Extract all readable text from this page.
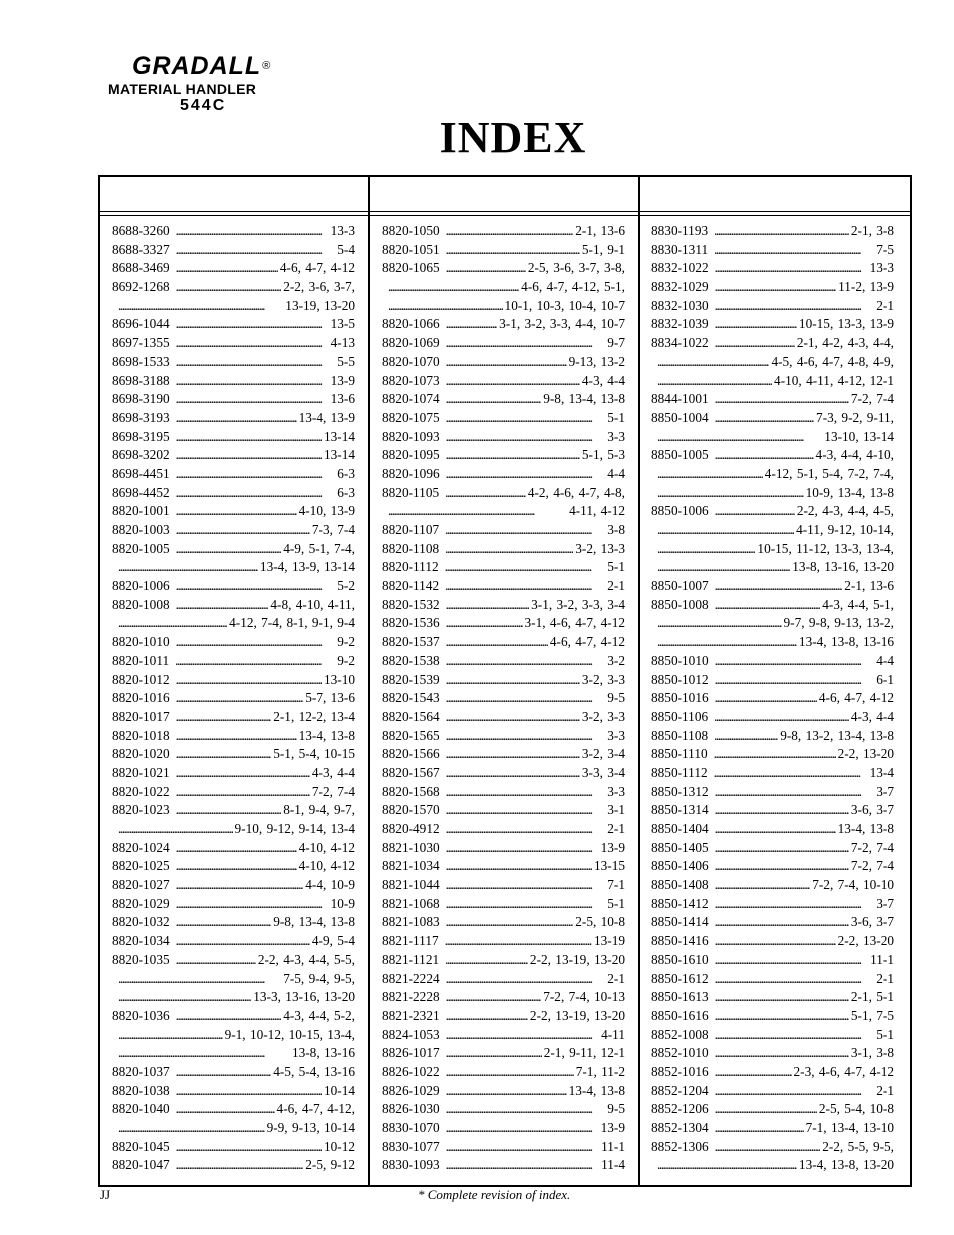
GRADALL®
MATERIAL HANDLER
544C
INDEX
8688-3260 . . .	13-3
8688-3327 . . .	5-4
8688-3469 . . .	4-6, 4-7, 4-12
8692-1268 . . .	2-2, 3-6, 3-7,
. . .
13-19, 13-20
8696-1044 . . .	13-5
8697-1355 . . .	4-13
8698-1533 . . .	5-5
8698-3188 . . .	13-9
8698-3190 . . .	13-6
8698-3193 . . .	13-4, 13-9
8698-3195 . . .	13-14
8698-3202 . . .	13-14
8698-4451 . . .	6-3
8698-4452 . . .	6-3
8820-1001 . . .	4-10, 13-9
8820-1003 . . .	7-3, 7-4
8820-1005 . . .	4-9, 5-1, 7-4,
. . .
13-4, 13-9, 13-14
8820-1006 . . .	5-2
8820-1008 . . .	4-8, 4-10, 4-11,
. . .
4-12, 7-4, 8-1, 9-1, 9-4
8820-1010 . . .	9-2
8820-1011 . . .	9-2
8820-1012 . . .	13-10
8820-1016 . . .	5-7, 13-6
8820-1017 . . .	2-1, 12-2, 13-4
8820-1018 . . .	13-4, 13-8
8820-1020 . . .	5-1, 5-4, 10-15
8820-1021 . . .	4-3, 4-4
8820-1022 . . .	7-2, 7-4
8820-1023 . . .	8-1, 9-4, 9-7,
. . .
9-10, 9-12, 9-14, 13-4
8820-1024 . . .	4-10, 4-12
8820-1025 . . .	4-10, 4-12
8820-1027 . . .	4-4, 10-9
8820-1029 . . .	10-9
8820-1032 . . .	9-8, 13-4, 13-8
8820-1034 . . .	4-9, 5-4
8820-1035 . . .	2-2, 4-3, 4-4, 5-5,
. . .
7-5, 9-4, 9-5,
. . .
13-3, 13-16, 13-20
8820-1036 . . .	4-3, 4-4, 5-2,
. . .
9-1, 10-12, 10-15, 13-4,
. . .
13-8, 13-16
8820-1037 . . .	4-5, 5-4, 13-16
8820-1038 . . .	10-14
8820-1040 . . .	4-6, 4-7, 4-12,
. . .
9-9, 9-13, 10-14
8820-1045 . . .	10-12
8820-1047 . . .	2-5, 9-12
8820-1050 . . .	2-1, 13-6
8820-1051 . . .	5-1, 9-1
8820-1065 . . .	2-5, 3-6, 3-7, 3-8,
. . .
4-6, 4-7, 4-12, 5-1,
. . .
10-1, 10-3, 10-4, 10-7
8820-1066 . . .	3-1, 3-2, 3-3, 4-4, 10-7
8820-1069 . . .	9-7
8820-1070 . . .	9-13, 13-2
8820-1073 . . .	4-3, 4-4
8820-1074 . . .	9-8, 13-4, 13-8
8820-1075 . . .	5-1
8820-1093 . . .	3-3
8820-1095 . . .	5-1, 5-3
8820-1096 . . .	4-4
8820-1105 . . .	4-2, 4-6, 4-7, 4-8,
. . .
4-11, 4-12
8820-1107 . . .	3-8
8820-1108 . . .	3-2, 13-3
8820-1112 . . .	5-1
8820-1142 . . .	2-1
8820-1532 . . .	3-1, 3-2, 3-3, 3-4
8820-1536 . . .	3-1, 4-6, 4-7, 4-12
8820-1537 . . .	4-6, 4-7, 4-12
8820-1538 . . .	3-2
8820-1539 . . .	3-2, 3-3
8820-1543 . . .	9-5
8820-1564 . . .	3-2, 3-3
8820-1565 . . .	3-3
8820-1566 . . .	3-2, 3-4
8820-1567 . . .	3-3, 3-4
8820-1568 . . .	3-3
8820-1570 . . .	3-1
8820-4912 . . .	2-1
8821-1030 . . .	13-9
8821-1034 . . .	13-15
8821-1044 . . .	7-1
8821-1068 . . .	5-1
8821-1083 . . .	2-5, 10-8
8821-1117 . . .	13-19
8821-1121 . . .	2-2, 13-19, 13-20
8821-2224 . . .	2-1
8821-2228 . . .	7-2, 7-4, 10-13
8821-2321 . . .	2-2, 13-19, 13-20
8824-1053 . . .	4-11
8826-1017 . . .	2-1, 9-11, 12-1
8826-1022 . . .	7-1, 11-2
8826-1029 . . .	13-4, 13-8
8826-1030 . . .	9-5
8830-1070 . . .	13-9
8830-1077 . . .	11-1
8830-1093 . . .	11-4
8830-1193 . . .	2-1, 3-8
8830-1311 . . .	7-5
8832-1022 . . .	13-3
8832-1029 . . .	11-2, 13-9
8832-1030 . . .	2-1
8832-1039 . . .	10-15, 13-3, 13-9
8834-1022 . . .	2-1, 4-2, 4-3, 4-4,
. . .
4-5, 4-6, 4-7, 4-8, 4-9,
. . .
4-10, 4-11, 4-12, 12-1
8844-1001 . . .	7-2, 7-4
8850-1004 . . .	7-3, 9-2, 9-11,
. . .
13-10, 13-14
8850-1005 . . .	4-3, 4-4, 4-10,
. . .
4-12, 5-1, 5-4, 7-2, 7-4,
. . .
10-9, 13-4, 13-8
8850-1006 . . .	2-2, 4-3, 4-4, 4-5,
. . .
4-11, 9-12, 10-14,
. . .
10-15, 11-12, 13-3, 13-4,
. . .
13-8, 13-16, 13-20
8850-1007 . . .	2-1, 13-6
8850-1008 . . .	4-3, 4-4, 5-1,
. . .
9-7, 9-8, 9-13, 13-2,
. . .
13-4, 13-8, 13-16
8850-1010 . . .	4-4
8850-1012 . . .	6-1
8850-1016 . . .	4-6, 4-7, 4-12
8850-1106 . . .	4-3, 4-4
8850-1108 . . .	9-8, 13-2, 13-4, 13-8
8850-1110 . . .	2-2, 13-20
8850-1112 . . .	13-4
8850-1312 . . .	3-7
8850-1314 . . .	3-6, 3-7
8850-1404 . . .	13-4, 13-8
8850-1405 . . .	7-2, 7-4
8850-1406 . . .	7-2, 7-4
8850-1408 . . .	7-2, 7-4, 10-10
8850-1412 . . .	3-7
8850-1414 . . .	3-6, 3-7
8850-1416 . . .	2-2, 13-20
8850-1610 . . .	11-1
8850-1612 . . .	2-1
8850-1613 . . .	2-1, 5-1
8850-1616 . . .	5-1, 7-5
8852-1008 . . .	5-1
8852-1010 . . .	3-1, 3-8
8852-1016 . . .	2-3, 4-6, 4-7, 4-12
8852-1204 . . .	2-1
8852-1206 . . .	2-5, 5-4, 10-8
8852-1304 . . .	7-1, 13-4, 13-10
8852-1306 . . .	2-2, 5-5, 9-5,
. . .
13-4, 13-8, 13-20
JJ	* Complete revision of index.
